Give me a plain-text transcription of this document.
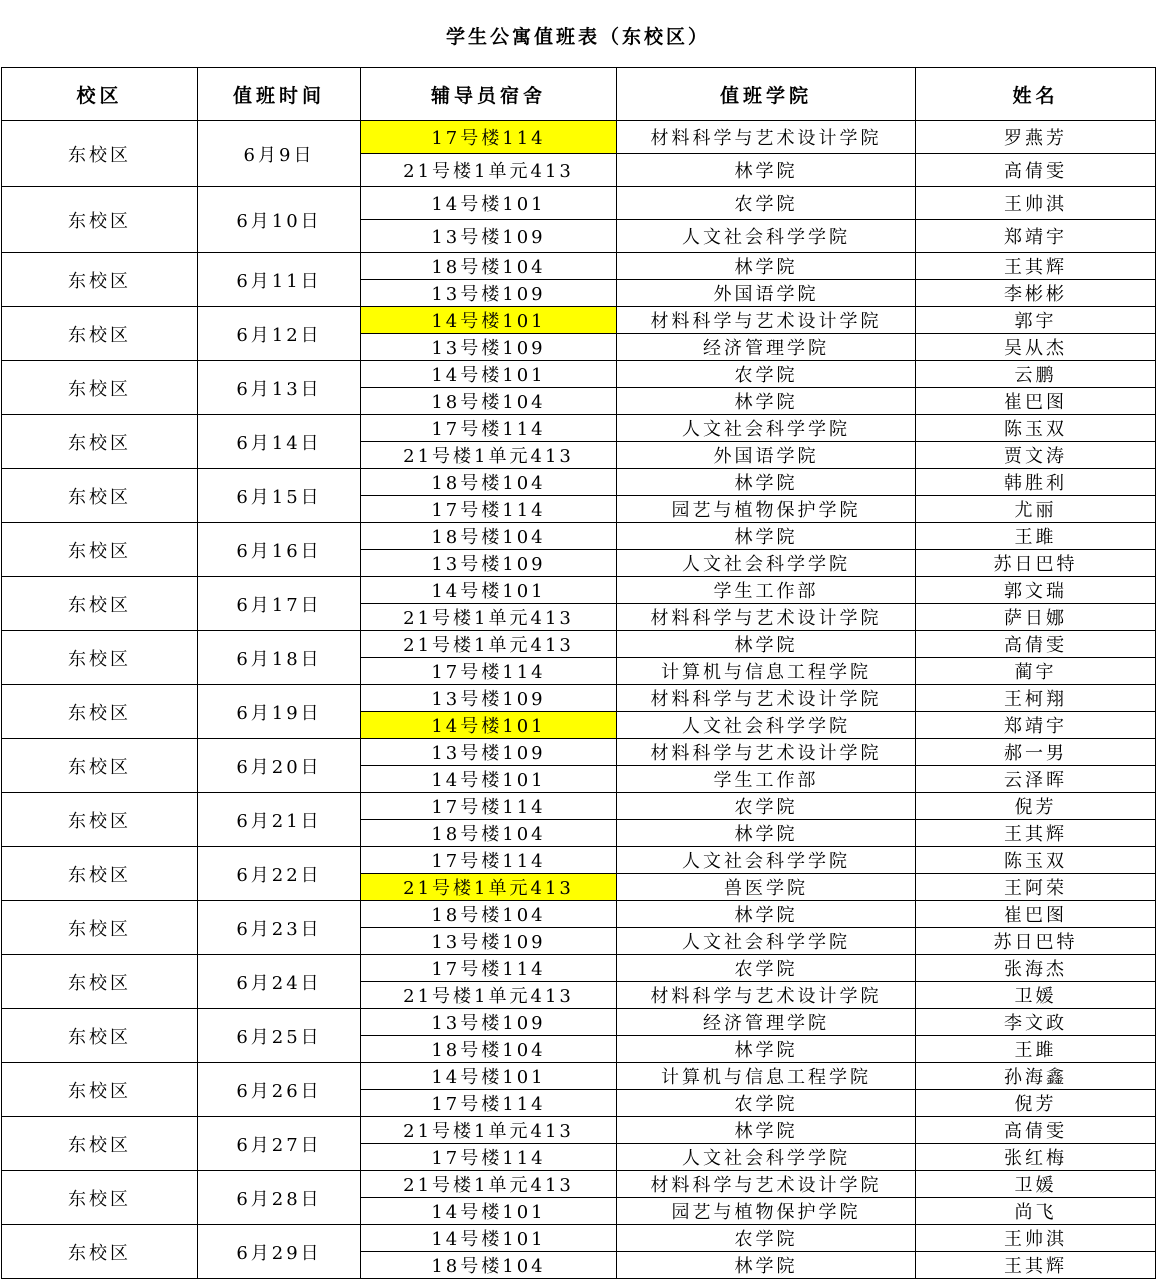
学生公寓值班表（东校区）
校区	值班时间	辅导员宿舍	值班学院	姓名
东校区	6月9日	17号楼114	材料科学与艺术设计学院	罗燕芳
		21号楼1单元413	林学院	高倩雯
东校区	6月10日	14号楼101	农学院	王帅淇
		13号楼109	人文社会科学学院	郑靖宇
东校区	6月11日	18号楼104	林学院	王其辉
		13号楼109	外国语学院	李彬彬
东校区	6月12日	14号楼101	材料科学与艺术设计学院	郭宇
		13号楼109	经济管理学院	吴从杰
东校区	6月13日	14号楼101	农学院	云鹏
		18号楼104	林学院	崔巴图
东校区	6月14日	17号楼114	人文社会科学学院	陈玉双
		21号楼1单元413	外国语学院	贾文涛
东校区	6月15日	18号楼104	林学院	韩胜利
		17号楼114	园艺与植物保护学院	尤丽
东校区	6月16日	18号楼104	林学院	王雎
		13号楼109	人文社会科学学院	苏日巴特
东校区	6月17日	14号楼101	学生工作部	郭文瑞
		21号楼1单元413	材料科学与艺术设计学院	萨日娜
东校区	6月18日	21号楼1单元413	林学院	高倩雯
		17号楼114	计算机与信息工程学院	蔺宇
东校区	6月19日	13号楼109	材料科学与艺术设计学院	王柯翔
		14号楼101	人文社会科学学院	郑靖宇
东校区	6月20日	13号楼109	材料科学与艺术设计学院	郝一男
		14号楼101	学生工作部	云泽晖
东校区	6月21日	17号楼114	农学院	倪芳
		18号楼104	林学院	王其辉
东校区	6月22日	17号楼114	人文社会科学学院	陈玉双
		21号楼1单元413	兽医学院	王阿荣
东校区	6月23日	18号楼104	林学院	崔巴图
		13号楼109	人文社会科学学院	苏日巴特
东校区	6月24日	17号楼114	农学院	张海杰
		21号楼1单元413	材料科学与艺术设计学院	卫媛
东校区	6月25日	13号楼109	经济管理学院	李文政
		18号楼104	林学院	王雎
东校区	6月26日	14号楼101	计算机与信息工程学院	孙海鑫
		17号楼114	农学院	倪芳
东校区	6月27日	21号楼1单元413	林学院	高倩雯
		17号楼114	人文社会科学学院	张红梅
东校区	6月28日	21号楼1单元413	材料科学与艺术设计学院	卫媛
		14号楼101	园艺与植物保护学院	尚飞
东校区	6月29日	14号楼101	农学院	王帅淇
		18号楼104	林学院	王其辉
